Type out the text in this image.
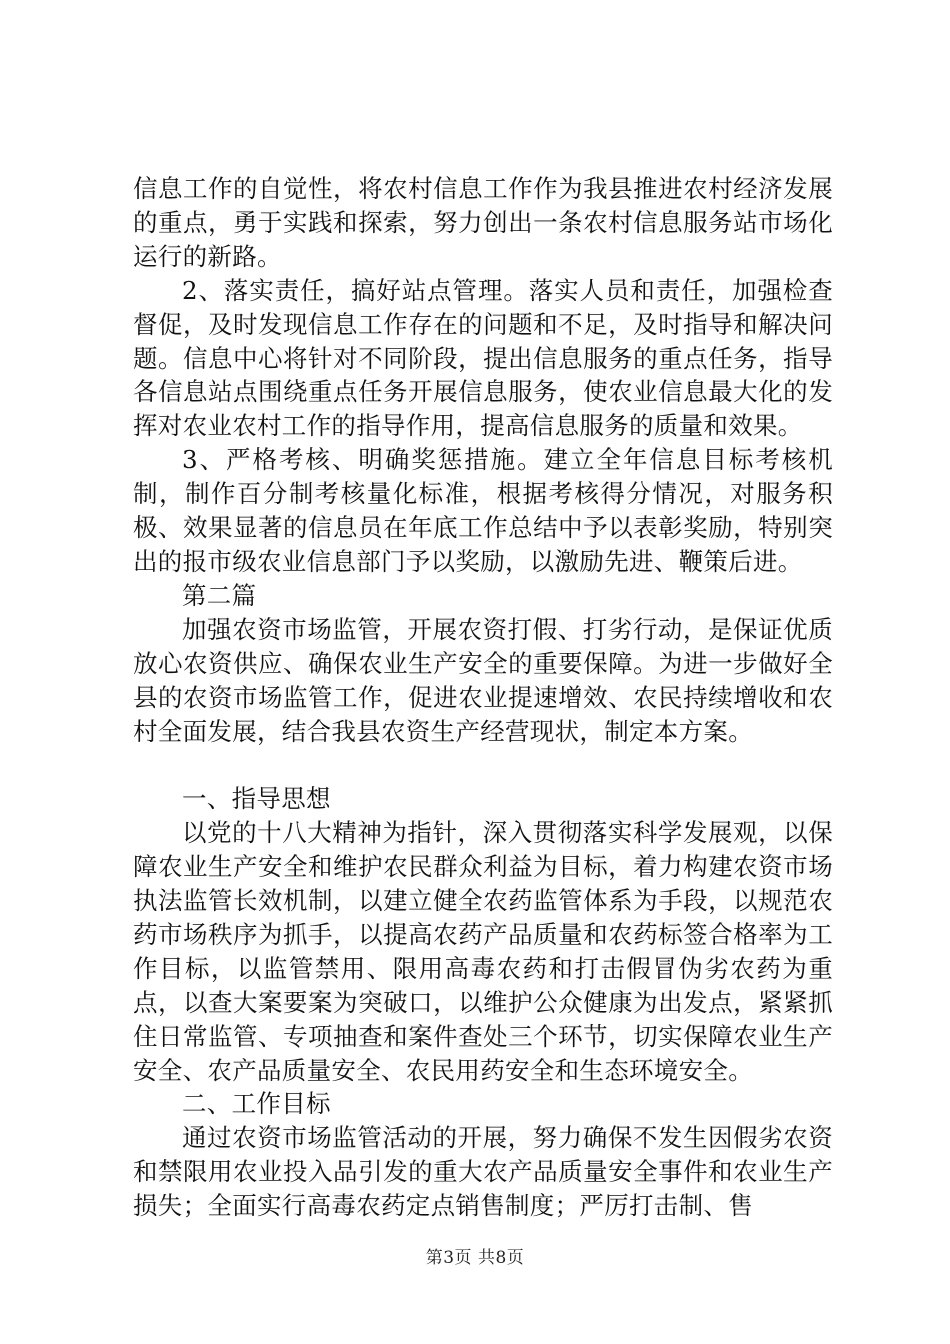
信息工作的自觉性，将农村信息工作作为我县推进农村经济发展的重点，勇于实践和探索，努力创出一条农村信息服务站市场化运行的新路。

2、落实责任，搞好站点管理。落实人员和责任，加强检查督促，及时发现信息工作存在的问题和不足，及时指导和解决问题。信息中心将针对不同阶段，提出信息服务的重点任务，指导各信息站点围绕重点任务开展信息服务，使农业信息最大化的发挥对农业农村工作的指导作用，提高信息服务的质量和效果。

3、严格考核、明确奖惩措施。建立全年信息目标考核机制，制作百分制考核量化标准，根据考核得分情况，对服务积极、效果显著的信息员在年底工作总结中予以表彰奖励，特别突出的报市级农业信息部门予以奖励，以激励先进、鞭策后进。

第二篇

加强农资市场监管，开展农资打假、打劣行动，是保证优质放心农资供应、确保农业生产安全的重要保障。为进一步做好全县的农资市场监管工作，促进农业提速增效、农民持续增收和农村全面发展，结合我县农资生产经营现状，制定本方案。

一、指导思想

以党的十八大精神为指针，深入贯彻落实科学发展观，以保障农业生产安全和维护农民群众利益为目标，着力构建农资市场执法监管长效机制，以建立健全农药监管体系为手段，以规范农药市场秩序为抓手，以提高农药产品质量和农药标签合格率为工作目标，以监管禁用、限用高毒农药和打击假冒伪劣农药为重点，以查大案要案为突破口，以维护公众健康为出发点，紧紧抓住日常监管、专项抽查和案件查处三个环节，切实保障农业生产安全、农产品质量安全、农民用药安全和生态环境安全。

二、工作目标

通过农资市场监管活动的开展，努力确保不发生因假劣农资和禁限用农业投入品引发的重大农产品质量安全事件和农业生产损失；全面实行高毒农药定点销售制度；严厉打击制、售

第3页 共8页
